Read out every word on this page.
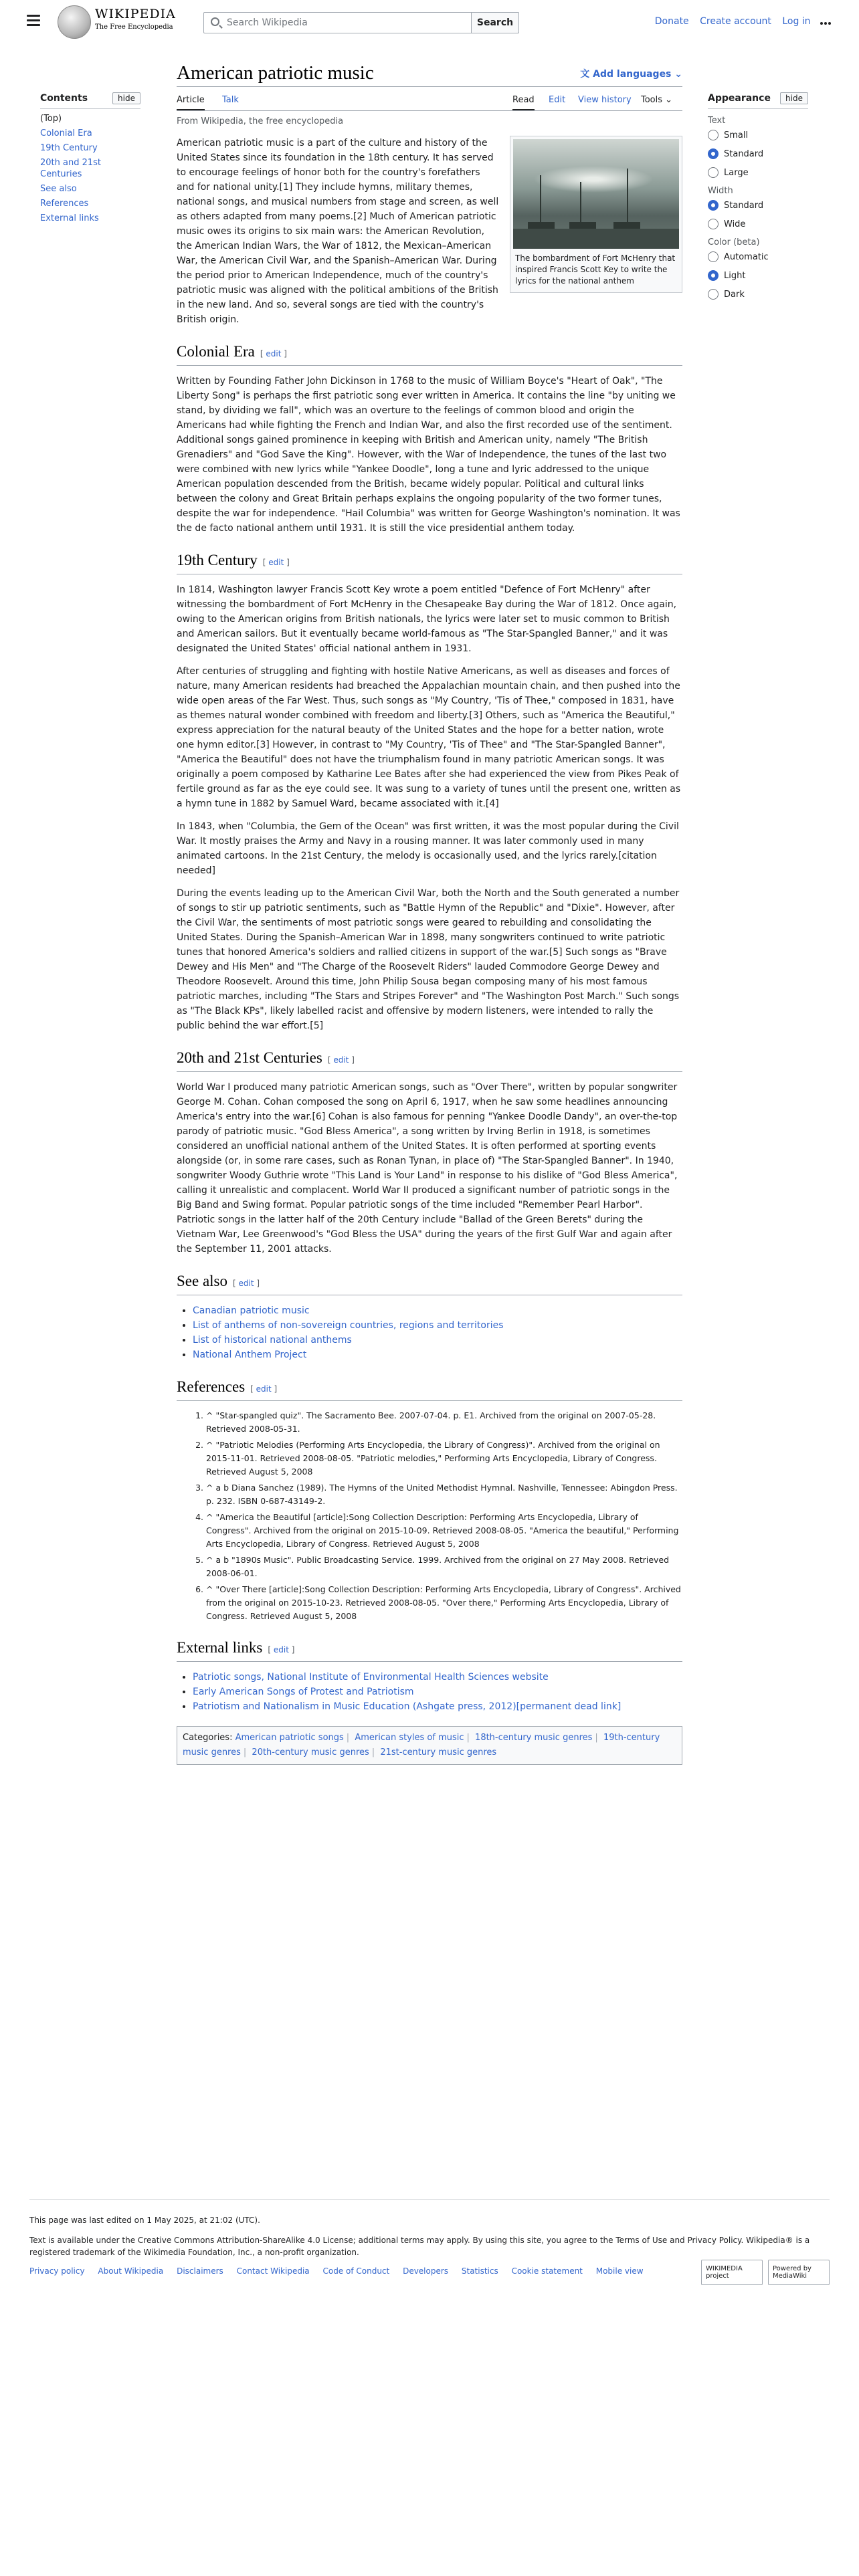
WIKIPEDIA
The Free Encyclopedia
Search Wikipedia	Search	Donate Create account Log in
Contents	hide
(Top)
Colonial Era
19th Century
20th and 21st Centuries
See also
References
External links
American patriotic music	文 Add languages ⌄
Article Talk	Read Edit View history Tools ⌄
From Wikipedia, the free encyclopedia
The bombardment of Fort McHenry that inspired Francis Scott Key to write the lyrics for the national anthem

American patriotic music is a part of the culture and history of the United States since its foundation in the 18th century. It has served to encourage feelings of honor both for the country's forefathers and for national unity.[1] They include hymns, military themes, national songs, and musical numbers from stage and screen, as well as others adapted from many poems.[2] Much of American patriotic music owes its origins to six main wars: the American Revolution, the American Indian Wars, the War of 1812, the Mexican–American War, the American Civil War, and the Spanish–American War. During the period prior to American Independence, much of the country's patriotic music was aligned with the political ambitions of the British in the new land. And so, several songs are tied with the country's British origin.

Colonial Era [ edit ]

Written by Founding Father John Dickinson in 1768 to the music of William Boyce's "Heart of Oak", "The Liberty Song" is perhaps the first patriotic song ever written in America. It contains the line "by uniting we stand, by dividing we fall", which was an overture to the feelings of common blood and origin the Americans had while fighting the French and Indian War, and also the first recorded use of the sentiment. Additional songs gained prominence in keeping with British and American unity, namely "The British Grenadiers" and "God Save the King". However, with the War of Independence, the tunes of the last two were combined with new lyrics while "Yankee Doodle", long a tune and lyric addressed to the unique American population descended from the British, became widely popular. Political and cultural links between the colony and Great Britain perhaps explains the ongoing popularity of the two former tunes, despite the war for independence. "Hail Columbia" was written for George Washington's nomination. It was the de facto national anthem until 1931. It is still the vice presidential anthem today.

19th Century [ edit ]

In 1814, Washington lawyer Francis Scott Key wrote a poem entitled "Defence of Fort McHenry" after witnessing the bombardment of Fort McHenry in the Chesapeake Bay during the War of 1812. Once again, owing to the American origins from British nationals, the lyrics were later set to music common to British and American sailors. But it eventually became world-famous as "The Star-Spangled Banner," and it was designated the United States' official national anthem in 1931.

After centuries of struggling and fighting with hostile Native Americans, as well as diseases and forces of nature, many American residents had breached the Appalachian mountain chain, and then pushed into the wide open areas of the Far West. Thus, such songs as "My Country, 'Tis of Thee," composed in 1831, have as themes natural wonder combined with freedom and liberty.[3] Others, such as "America the Beautiful," express appreciation for the natural beauty of the United States and the hope for a better nation, wrote one hymn editor.[3] However, in contrast to "My Country, 'Tis of Thee" and "The Star-Spangled Banner", "America the Beautiful" does not have the triumphalism found in many patriotic American songs. It was originally a poem composed by Katharine Lee Bates after she had experienced the view from Pikes Peak of fertile ground as far as the eye could see. It was sung to a variety of tunes until the present one, written as a hymn tune in 1882 by Samuel Ward, became associated with it.[4]

In 1843, when "Columbia, the Gem of the Ocean" was first written, it was the most popular during the Civil War. It mostly praises the Army and Navy in a rousing manner. It was later commonly used in many animated cartoons. In the 21st Century, the melody is occasionally used, and the lyrics rarely.[citation needed]

During the events leading up to the American Civil War, both the North and the South generated a number of songs to stir up patriotic sentiments, such as "Battle Hymn of the Republic" and "Dixie". However, after the Civil War, the sentiments of most patriotic songs were geared to rebuilding and consolidating the United States. During the Spanish–American War in 1898, many songwriters continued to write patriotic tunes that honored America's soldiers and rallied citizens in support of the war.[5] Such songs as "Brave Dewey and His Men" and "The Charge of the Roosevelt Riders" lauded Commodore George Dewey and Theodore Roosevelt. Around this time, John Philip Sousa began composing many of his most famous patriotic marches, including "The Stars and Stripes Forever" and "The Washington Post March." Such songs as "The Black KPs", likely labelled racist and offensive by modern listeners, were intended to rally the public behind the war effort.[5]

20th and 21st Centuries [ edit ]

World War I produced many patriotic American songs, such as "Over There", written by popular songwriter George M. Cohan. Cohan composed the song on April 6, 1917, when he saw some headlines announcing America's entry into the war.[6] Cohan is also famous for penning "Yankee Doodle Dandy", an over-the-top parody of patriotic music. "God Bless America", a song written by Irving Berlin in 1918, is sometimes considered an unofficial national anthem of the United States. It is often performed at sporting events alongside (or, in some rare cases, such as Ronan Tynan, in place of) "The Star-Spangled Banner". In 1940, songwriter Woody Guthrie wrote "This Land is Your Land" in response to his dislike of "God Bless America", calling it unrealistic and complacent. World War II produced a significant number of patriotic songs in the Big Band and Swing format. Popular patriotic songs of the time included "Remember Pearl Harbor". Patriotic songs in the latter half of the 20th Century include "Ballad of the Green Berets" during the Vietnam War, Lee Greenwood's "God Bless the USA" during the years of the first Gulf War and again after the September 11, 2001 attacks.

See also [ edit ]
• Canadian patriotic music
• List of anthems of non-sovereign countries, regions and territories
• List of historical national anthems
• National Anthem Project
References [ edit ]
1. ^ "Star-spangled quiz". The Sacramento Bee. 2007-07-04. p. E1. Archived from the original on 2007-05-28. Retrieved 2008-05-31.
2. ^ "Patriotic Melodies (Performing Arts Encyclopedia, the Library of Congress)". Archived from the original on 2015-11-01. Retrieved 2008-08-05. "Patriotic melodies," Performing Arts Encyclopedia, Library of Congress. Retrieved August 5, 2008
3. ^ a b Diana Sanchez (1989). The Hymns of the United Methodist Hymnal. Nashville, Tennessee: Abingdon Press. p. 232. ISBN 0-687-43149-2.
4. ^ "America the Beautiful [article]:Song Collection Description: Performing Arts Encyclopedia, Library of Congress". Archived from the original on 2015-10-09. Retrieved 2008-08-05. "America the beautiful," Performing Arts Encyclopedia, Library of Congress. Retrieved August 5, 2008
5. ^ a b "1890s Music". Public Broadcasting Service. 1999. Archived from the original on 27 May 2008. Retrieved 2008-06-01.
6. ^ "Over There [article]:Song Collection Description: Performing Arts Encyclopedia, Library of Congress". Archived from the original on 2015-10-23. Retrieved 2008-08-05. "Over there," Performing Arts Encyclopedia, Library of Congress. Retrieved August 5, 2008
External links [ edit ]
• Patriotic songs, National Institute of Environmental Health Sciences website
• Early American Songs of Protest and Patriotism
• Patriotism and Nationalism in Music Education (Ashgate press, 2012)[permanent dead link]
Categories: American patriotic songs | American styles of music | 18th-century music genres | 19th-century music genres | 20th-century music genres | 21st-century music genres
Appearance	hide
Text
Small
Standard
Large
Width
Standard
Wide
Color (beta)
Automatic
Light
Dark

This page was last edited on 1 May 2025, at 21:02 (UTC).

Text is available under the Creative Commons Attribution-ShareAlike 4.0 License; additional terms may apply. By using this site, you agree to the Terms of Use and Privacy Policy. Wikipedia® is a registered trademark of the Wikimedia Foundation, Inc., a non-profit organization.

Privacy policy About Wikipedia Disclaimers Contact Wikipedia Code of Conduct Developers Statistics Cookie statement Mobile view	WIKIMEDIA project
Powered by MediaWiki
